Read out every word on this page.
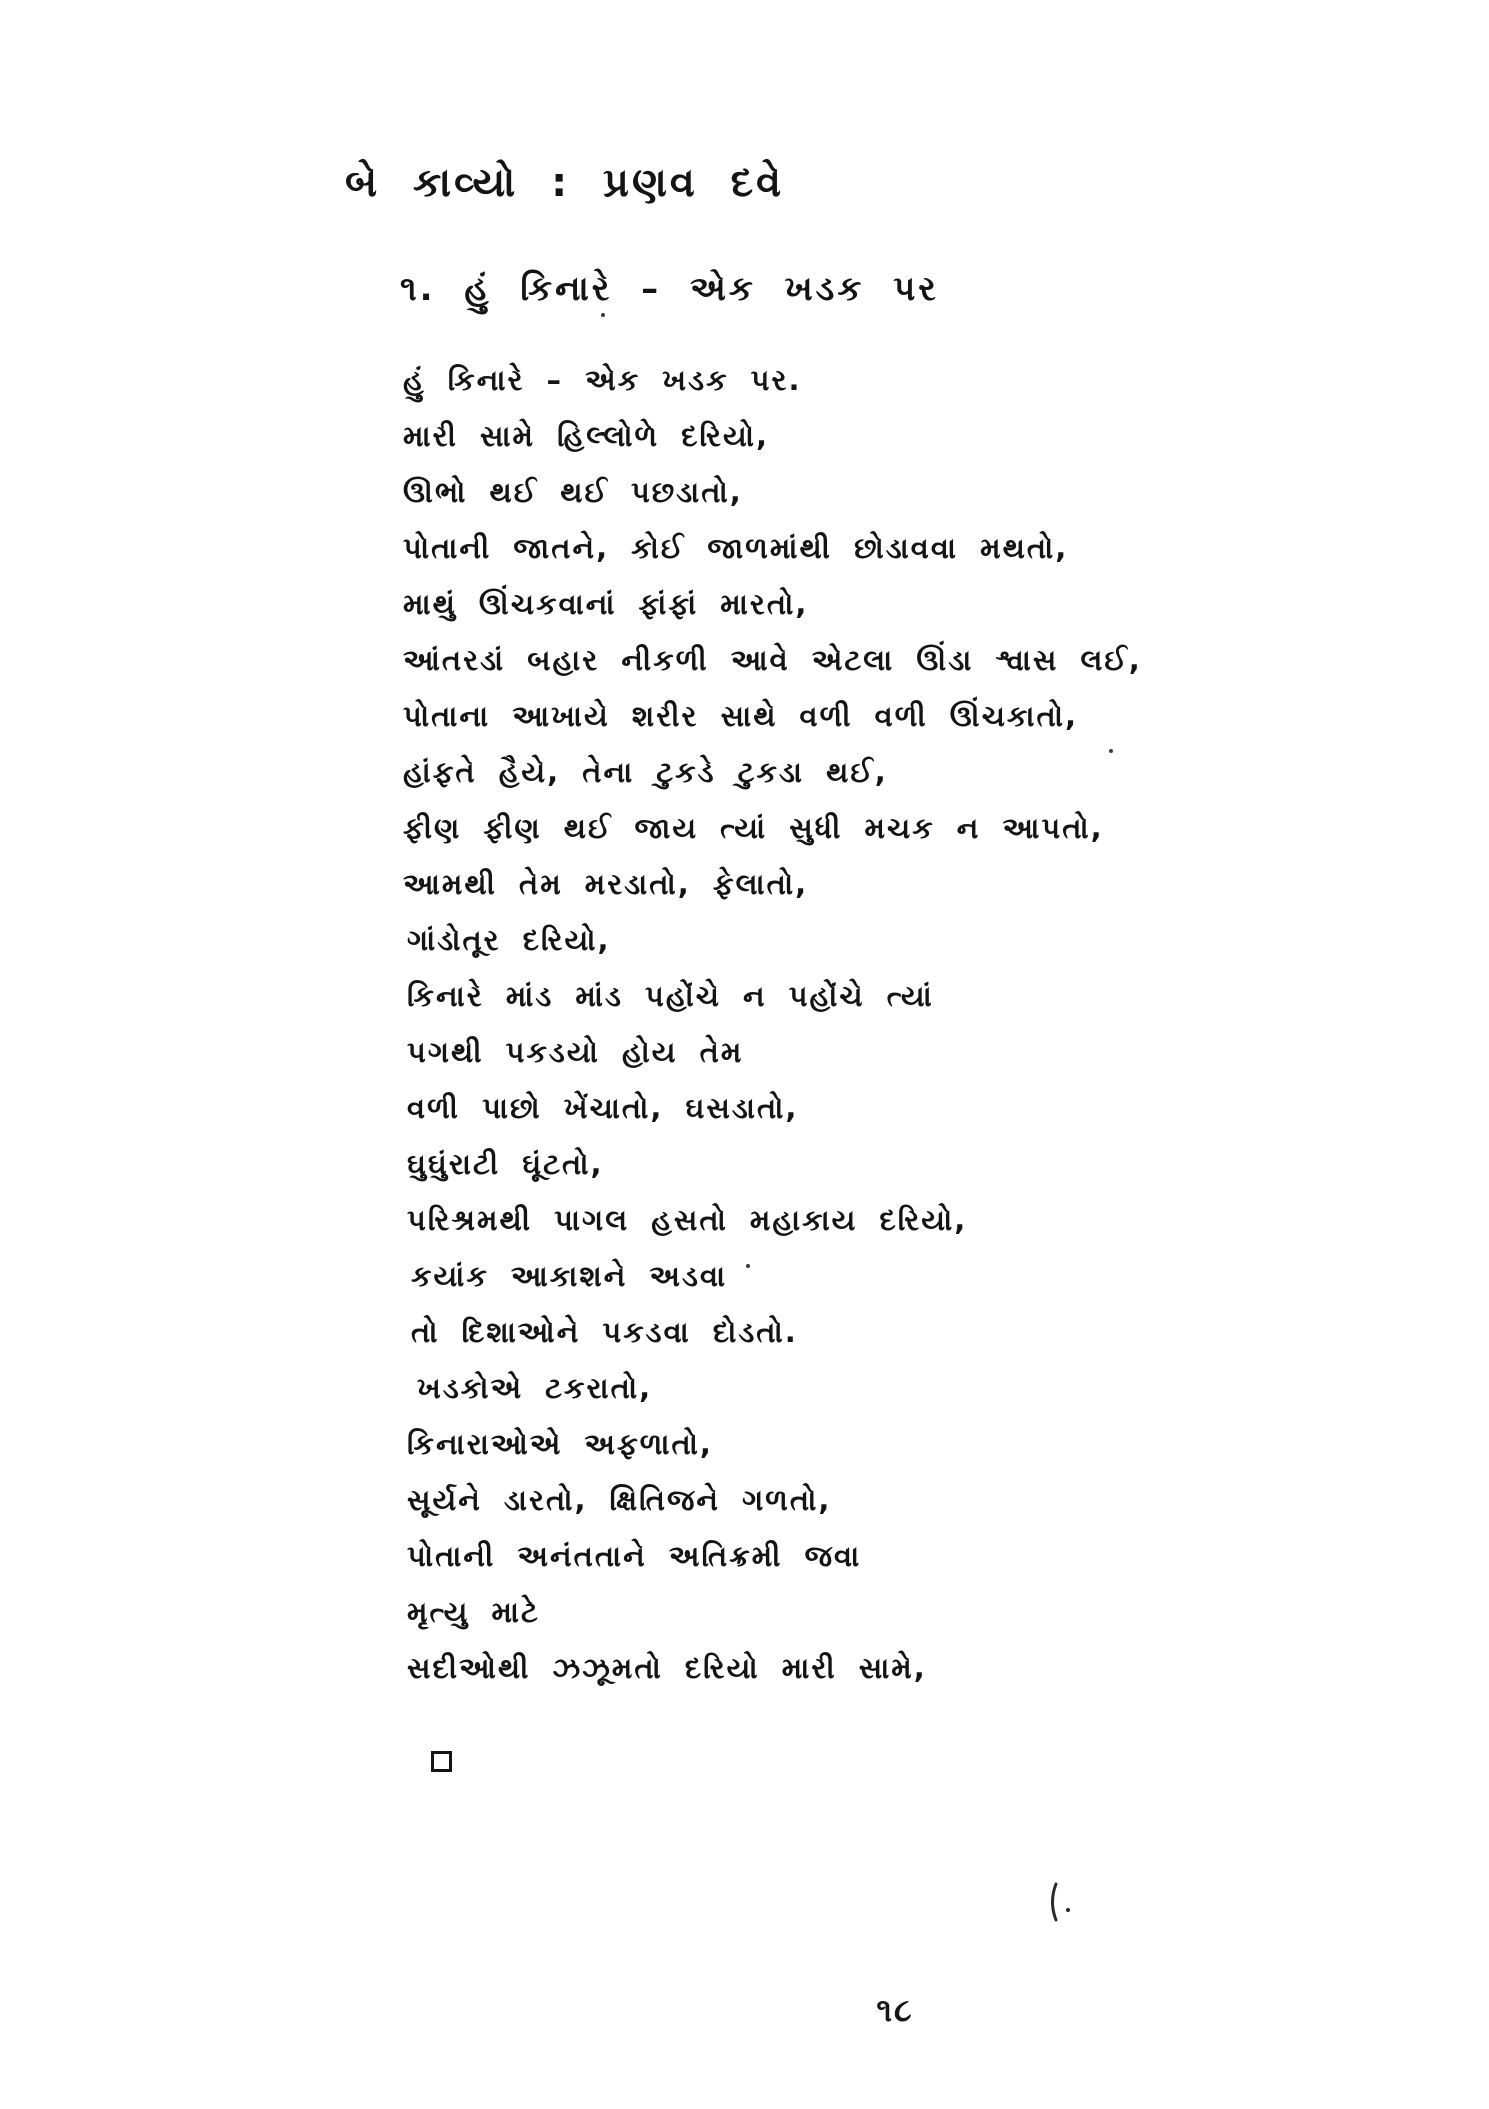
બે કાવ્યો : પ્રણવ દવે
૧. હું કિનારે – એક ખડક પર
હું કિનારે – એક ખડક પર.
મારી સામે હિલ્લોળે દરિયો,
ઊભો થઈ થઈ પછડાતો,
પોતાની જાતને, કોઈ જાળમાંથી છોડાવવા મથતો,
માથું ઊંચકવાનાં ફાંફાં મારતો,
આંતરડાં બહાર નીકળી આવે એટલા ઊંડા શ્વાસ લઈ,
પોતાના આખાયે શરીર સાથે વળી વળી ઊંચકાતો,
હાંફતે હૈયે, તેના ટુકડે ટુકડા થઈ,
ફીણ ફીણ થઈ જાય ત્યાં સુધી મચક ન આપતો,
આમથી તેમ મરડાતો, ફેલાતો,
ગાંડોતૂર દરિયો,
કિનારે માંડ માંડ પહોંચે ન પહોંચે ત્યાં
પગથી પકડયો હોય તેમ
વળી પાછો ખેંચાતો, ઘસડાતો,
ઘુઘુંરાટી ઘૂંટતો,
પરિશ્રમથી પાગલ હસતો મહાકાય દરિયો,
કયાંક આકાશને અડવા
તો દિશાઓને પકડવા દોડતો.
ખડકોએ ટકરાતો,
કિનારાઓએ અફળાતો,
સૂર્યને ડારતો, ક્ષિતિજને ગળતો,
પોતાની અનંતતાને અતિક્રમી જવા
મૃત્યુ માટે
સદીઓથી ઝઝૂમતો દરિયો મારી સામે,
૧૮
